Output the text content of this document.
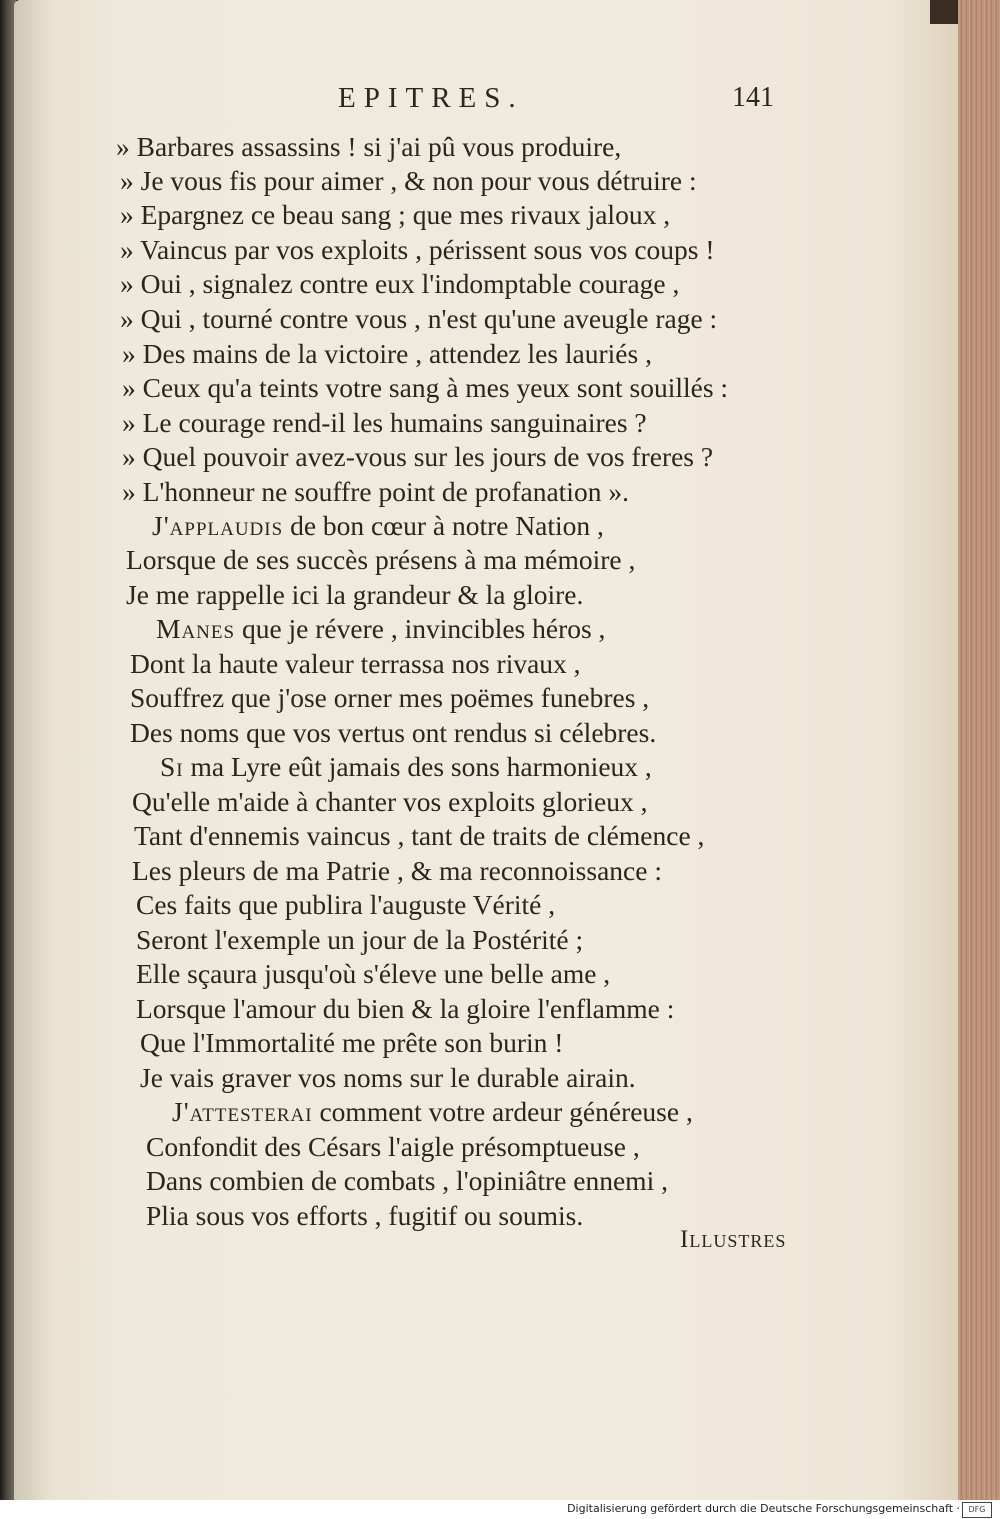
EPITRES.	141
» Barbares assassins ! si j'ai pû vous produire,
» Je vous fis pour aimer , & non pour vous détruire :
» Epargnez ce beau sang ; que mes rivaux jaloux ,
» Vaincus par vos exploits , périssent sous vos coups !
» Oui , signalez contre eux l'indomptable courage ,
» Qui , tourné contre vous , n'est qu'une aveugle rage :
» Des mains de la victoire , attendez les lauriés ,
» Ceux qu'a teints votre sang à mes yeux sont souillés :
» Le courage rend-il les humains sanguinaires ?
» Quel pouvoir avez-vous sur les jours de vos freres ?
» L'honneur ne souffre point de profanation ».
J'applaudis de bon cœur à notre Nation ,
Lorsque de ses succès présens à ma mémoire ,
Je me rappelle ici la grandeur & la gloire.
Manes que je révere , invincibles héros ,
Dont la haute valeur terrassa nos rivaux ,
Souffrez que j'ose orner mes poëmes funebres ,
Des noms que vos vertus ont rendus si célebres.
Si ma Lyre eût jamais des sons harmonieux ,
Qu'elle m'aide à chanter vos exploits glorieux ,
Tant d'ennemis vaincus , tant de traits de clémence ,
Les pleurs de ma Patrie , & ma reconnoissance :
Ces faits que publira l'auguste Vérité ,
Seront l'exemple un jour de la Postérité ;
Elle sçaura jusqu'où s'éleve une belle ame ,
Lorsque l'amour du bien & la gloire l'enflamme :
Que l'Immortalité me prête son burin !
Je vais graver vos noms sur le durable airain.
J'attesterai comment votre ardeur généreuse ,
Confondit des Césars l'aigle présomptueuse ,
Dans combien de combats , l'opiniâtre ennemi ,
Plia sous vos efforts , fugitif ou soumis.
Illustres
Digitalisierung gefördert durch die Deutsche Forschungsgemeinschaft ·	DFG
